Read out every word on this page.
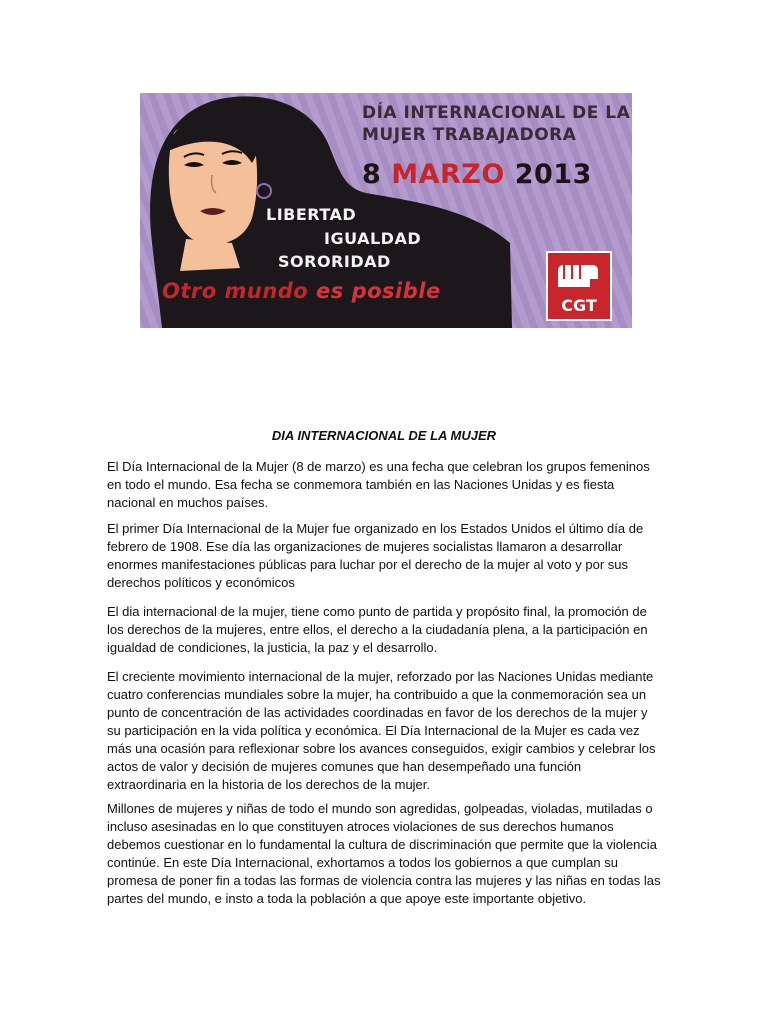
DÍA INTERNACIONAL DE LA
MUJER TRABAJADORA
8 MARZO 2013
LIBERTAD
IGUALDAD
SORORIDAD
Otro mundo es posible
CGT
DIA INTERNACIONAL DE LA MUJER

El Día Internacional de la Mujer (8 de marzo) es una fecha que celebran los grupos femeninos en todo el mundo. Esa fecha se conmemora también en las Naciones Unidas y es fiesta nacional en muchos países.

El primer Día Internacional de la Mujer fue organizado en los Estados Unidos el último día de febrero de 1908. Ese día las organizaciones de mujeres socialistas llamaron a desarrollar enormes manifestaciones públicas para luchar por el derecho de la mujer al voto y por sus derechos políticos y económicos

El dia internacional de la mujer, tiene como punto de partida y propósito final, la promoción de los derechos de la mujeres, entre ellos, el derecho a la ciudadanía plena, a la participación en igualdad de condiciones, la justicia, la paz y el desarrollo.

El creciente movimiento internacional de la mujer, reforzado por las Naciones Unidas mediante cuatro conferencias mundiales sobre la mujer, ha contribuido a que la conmemoración sea un punto de concentración de las actividades coordinadas en favor de los derechos de la mujer y su participación en la vida política y económica. El Día Internacional de la Mujer es cada vez más una ocasión para reflexionar sobre los avances conseguidos, exigir cambios y celebrar los actos de valor y decisión de mujeres comunes que han desempeñado una función extraordinaria en la historia de los derechos de la mujer.

Millones de mujeres y niñas de todo el mundo son agredidas, golpeadas, violadas, mutiladas o incluso asesinadas en lo que constituyen atroces violaciones de sus derechos humanos debemos cuestionar en lo fundamental la cultura de discriminación que permite que la violencia continúe. En este Día Internacional, exhortamos a todos los gobiernos a que cumplan su promesa de poner fin a todas las formas de violencia contra las mujeres y las niñas en todas las partes del mundo, e insto a toda la población a que apoye este importante objetivo.
